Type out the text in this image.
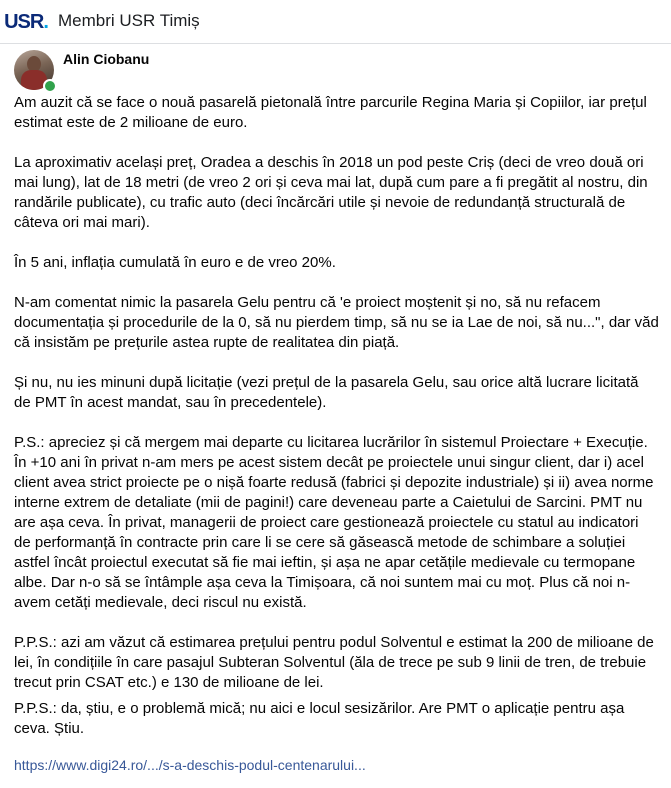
USR . Membri USR Timiș
Alin Ciobanu

Am auzit că se face o nouă pasarelă pietonală între parcurile Regina Maria și Copiilor, iar prețul estimat este de 2 milioane de euro.

La aproximativ același preț, Oradea a deschis în 2018 un pod peste Criș (deci de vreo două ori mai lung), lat de 18 metri (de vreo 2 ori și ceva mai lat, după cum pare a fi pregătit al nostru, din randările publicate), cu trafic auto (deci încărcări utile și nevoie de redundanță structurală de câteva ori mai mari).

În 5 ani, inflația cumulată în euro e de vreo 20%.

N-am comentat nimic la pasarela Gelu pentru că 'e proiect moștenit și no, să nu refacem documentația și procedurile de la 0, să nu pierdem timp, să nu se ia Lae de noi, să nu...", dar văd că insistăm pe prețurile astea rupte de realitatea din piață.

Și nu, nu ies minuni după licitație (vezi prețul de la pasarela Gelu, sau orice altă lucrare licitată de PMT în acest mandat, sau în precedentele).

P.S.: apreciez și că mergem mai departe cu licitarea lucrărilor în sistemul Proiectare + Execuție. În +10 ani în privat n-am mers pe acest sistem decât pe proiectele unui singur client, dar i) acel client avea strict proiecte pe o nișă foarte redusă (fabrici și depozite industriale) și ii) avea norme interne extrem de detaliate (mii de pagini!) care deveneau parte a Caietului de Sarcini. PMT nu are așa ceva. În privat, managerii de proiect care gestionează proiectele cu statul au indicatori de performanță în contracte prin care li se cere să găsească metode de schimbare a soluției astfel încât proiectul executat să fie mai ieftin, și așa ne apar cetățile medievale cu termopane albe. Dar n-o să se întâmple așa ceva la Timișoara, că noi suntem mai cu moț. Plus că noi n-avem cetăți medievale, deci riscul nu există.

P.P.S.: azi am văzut că estimarea prețului pentru podul Solventul e estimat la 200 de milioane de lei, în condițiile în care pasajul Subteran Solventul (ăla de trece pe sub 9 linii de tren, de trebuie trecut prin CSAT etc.) e 130 de milioane de lei.

P.P.S.: da, știu, e o problemă mică; nu aici e locul sesizărilor. Are PMT o aplicație pentru așa ceva. Știu.

https://www.digi24.ro/.../s-a-deschis-podul-centenarului...
